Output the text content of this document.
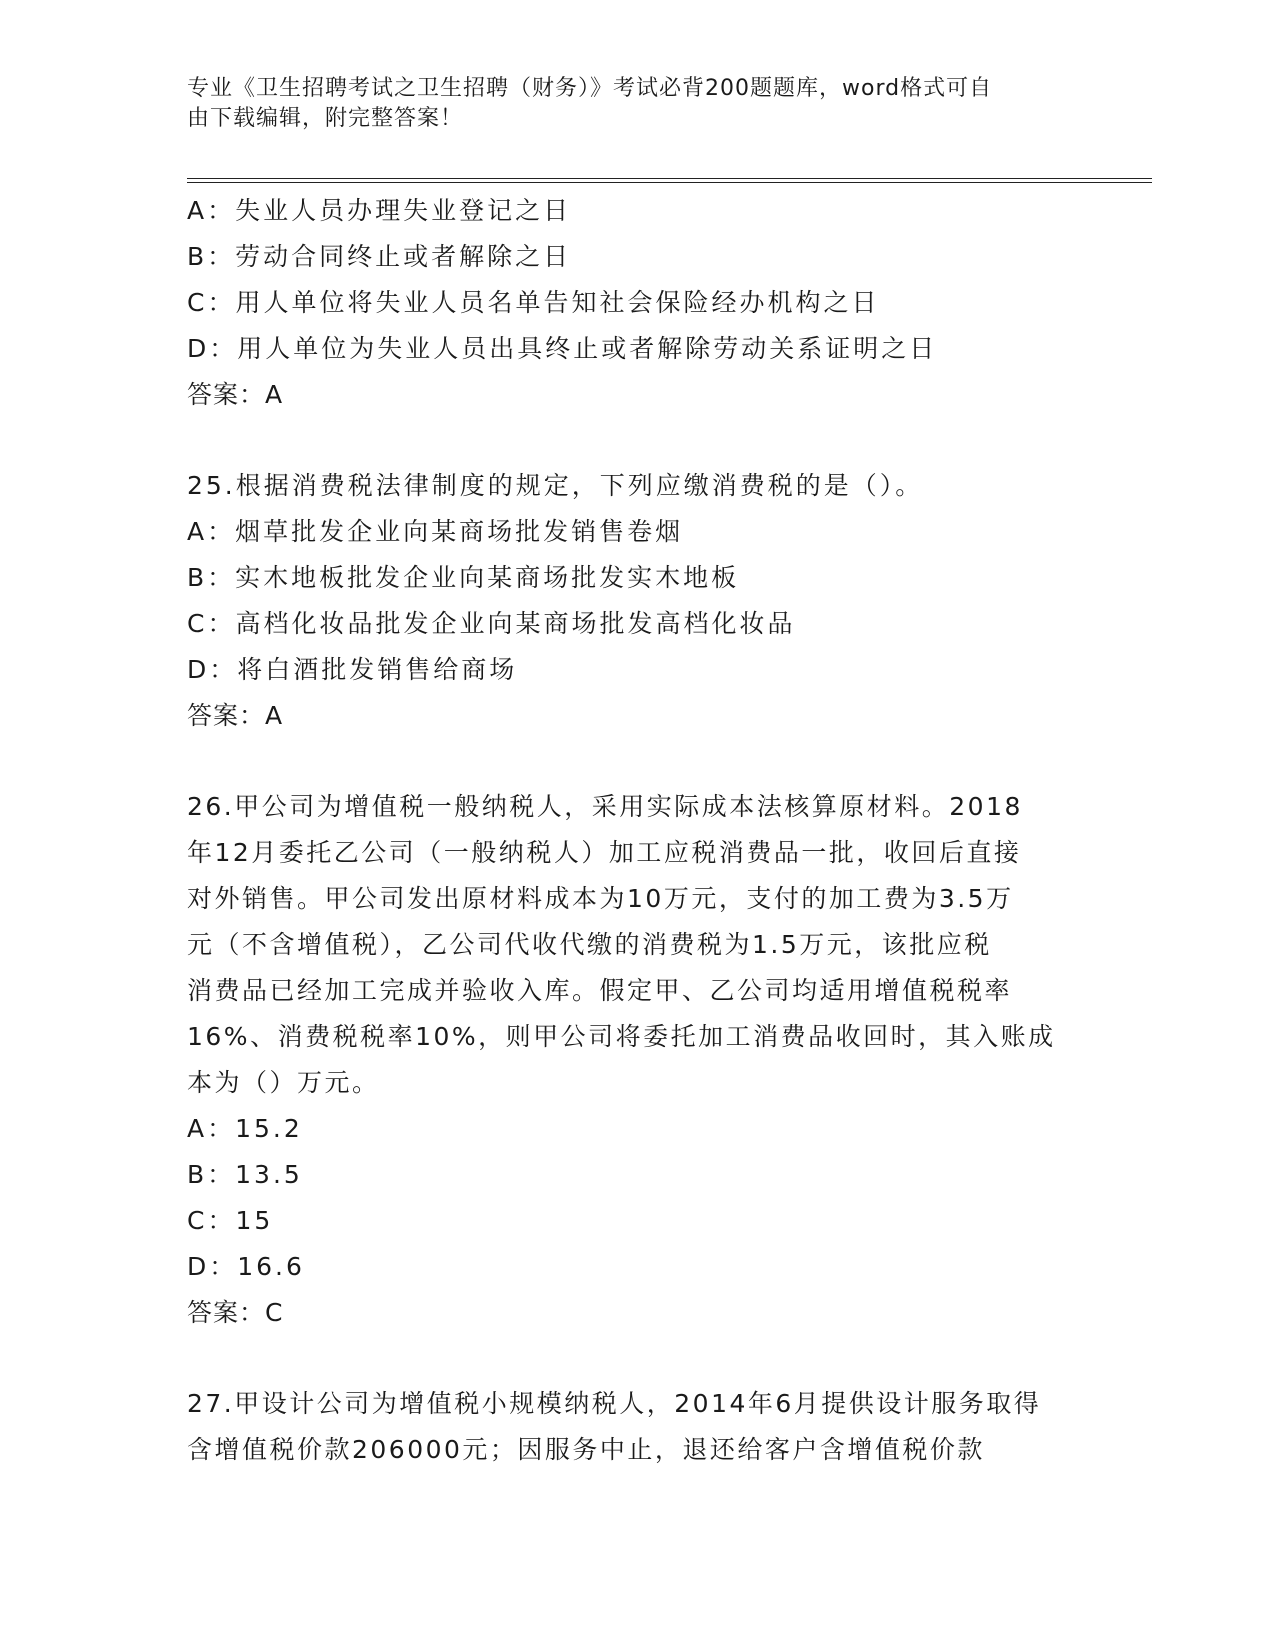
专业《卫生招聘考试之卫生招聘（财务）》考试必背200题题库，word格式可自
由下载编辑，附完整答案！
A：失业人员办理失业登记之日
B：劳动合同终止或者解除之日
C：用人单位将失业人员名单告知社会保险经办机构之日
D：用人单位为失业人员出具终止或者解除劳动关系证明之日
答案：A
25.根据消费税法律制度的规定，下列应缴消费税的是（）。
A：烟草批发企业向某商场批发销售卷烟
B：实木地板批发企业向某商场批发实木地板
C：高档化妆品批发企业向某商场批发高档化妆品
D：将白酒批发销售给商场
答案：A
26.甲公司为增值税一般纳税人，采用实际成本法核算原材料。2018
年12月委托乙公司（一般纳税人）加工应税消费品一批，收回后直接
对外销售。甲公司发出原材料成本为10万元，支付的加工费为3.5万
元（不含增值税），乙公司代收代缴的消费税为1.5万元，该批应税
消费品已经加工完成并验收入库。假定甲、乙公司均适用增值税税率
16%、消费税税率10%，则甲公司将委托加工消费品收回时，其入账成
本为（）万元。
A：15.2
B：13.5
C：15
D：16.6
答案：C
27.甲设计公司为增值税小规模纳税人，2014年6月提供设计服务取得
含增值税价款206000元；因服务中止，退还给客户含增值税价款
